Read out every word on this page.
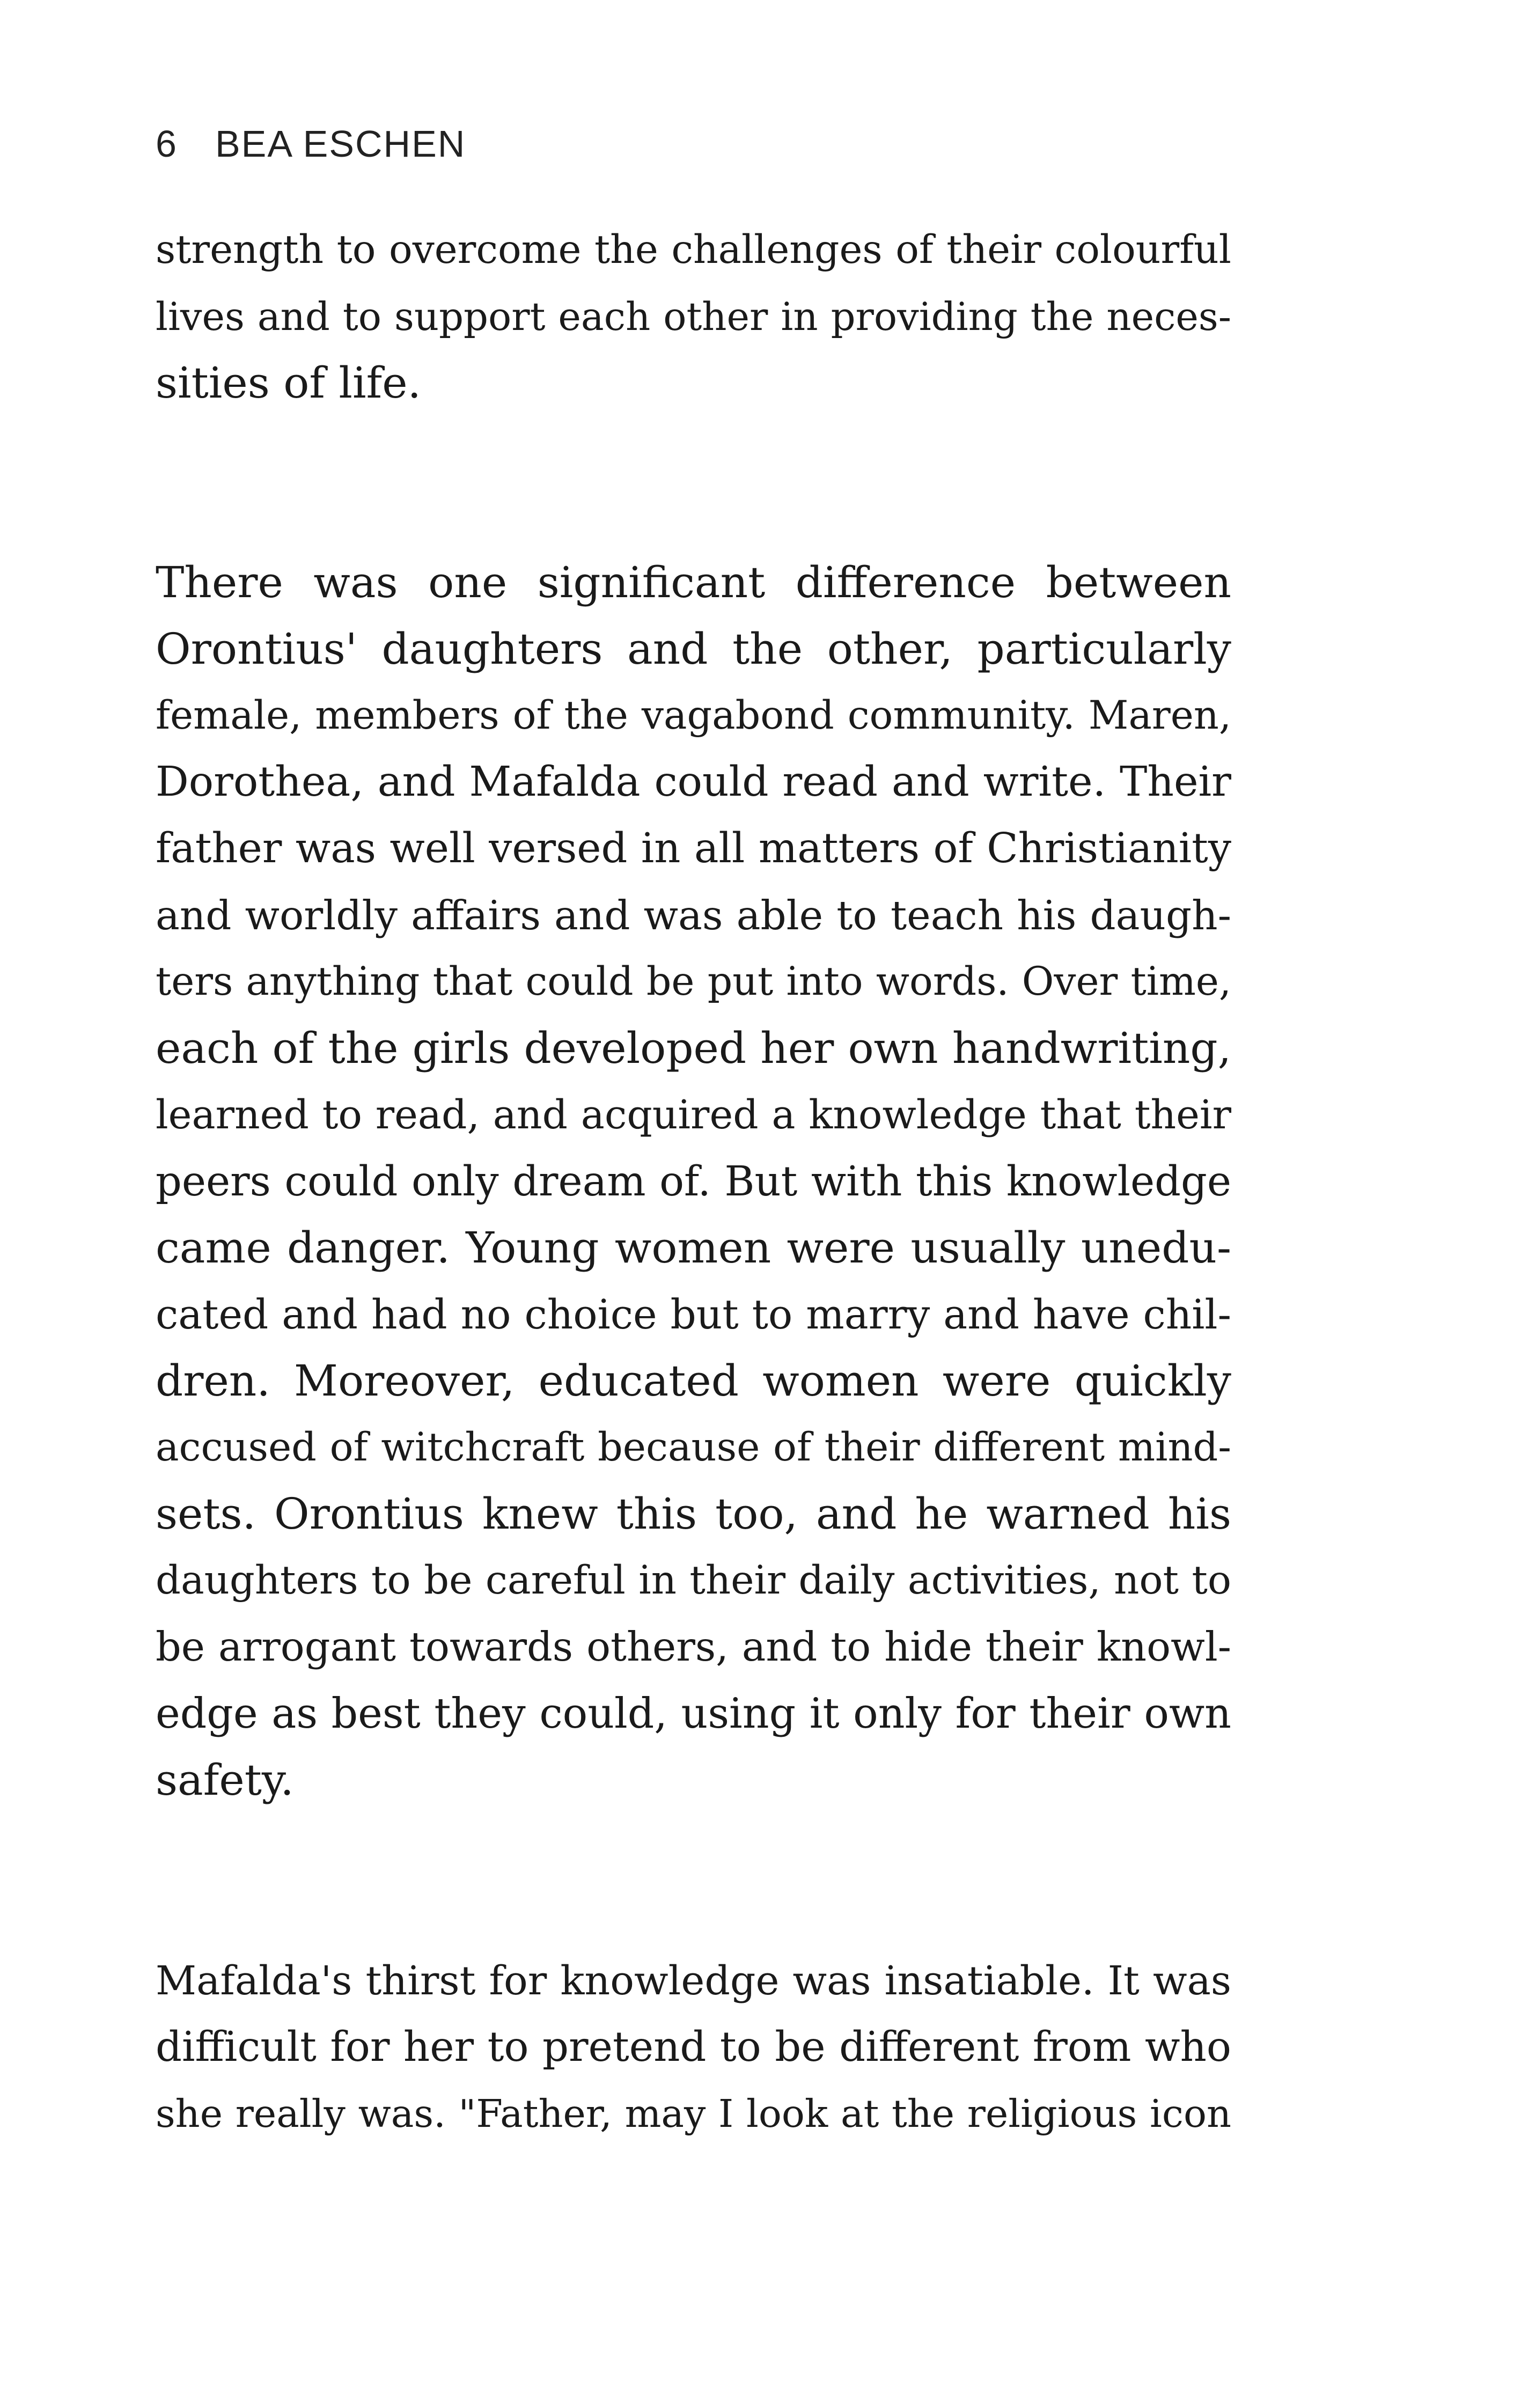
6 BEA ESCHEN
strength to overcome the challenges of their colourful
lives and to support each other in providing the neces-
sities of life.
There was one significant difference between
Orontius' daughters and the other, particularly
female, members of the vagabond community. Maren,
Dorothea, and Mafalda could read and write. Their
father was well versed in all matters of Christianity
and worldly affairs and was able to teach his daugh-
ters anything that could be put into words. Over time,
each of the girls developed her own handwriting,
learned to read, and acquired a knowledge that their
peers could only dream of. But with this knowledge
came danger. Young women were usually unedu-
cated and had no choice but to marry and have chil-
dren. Moreover, educated women were quickly
accused of witchcraft because of their different mind-
sets. Orontius knew this too, and he warned his
daughters to be careful in their daily activities, not to
be arrogant towards others, and to hide their knowl-
edge as best they could, using it only for their own
safety.
Mafalda's thirst for knowledge was insatiable. It was
difficult for her to pretend to be different from who
she really was. "Father, may I look at the religious icon
